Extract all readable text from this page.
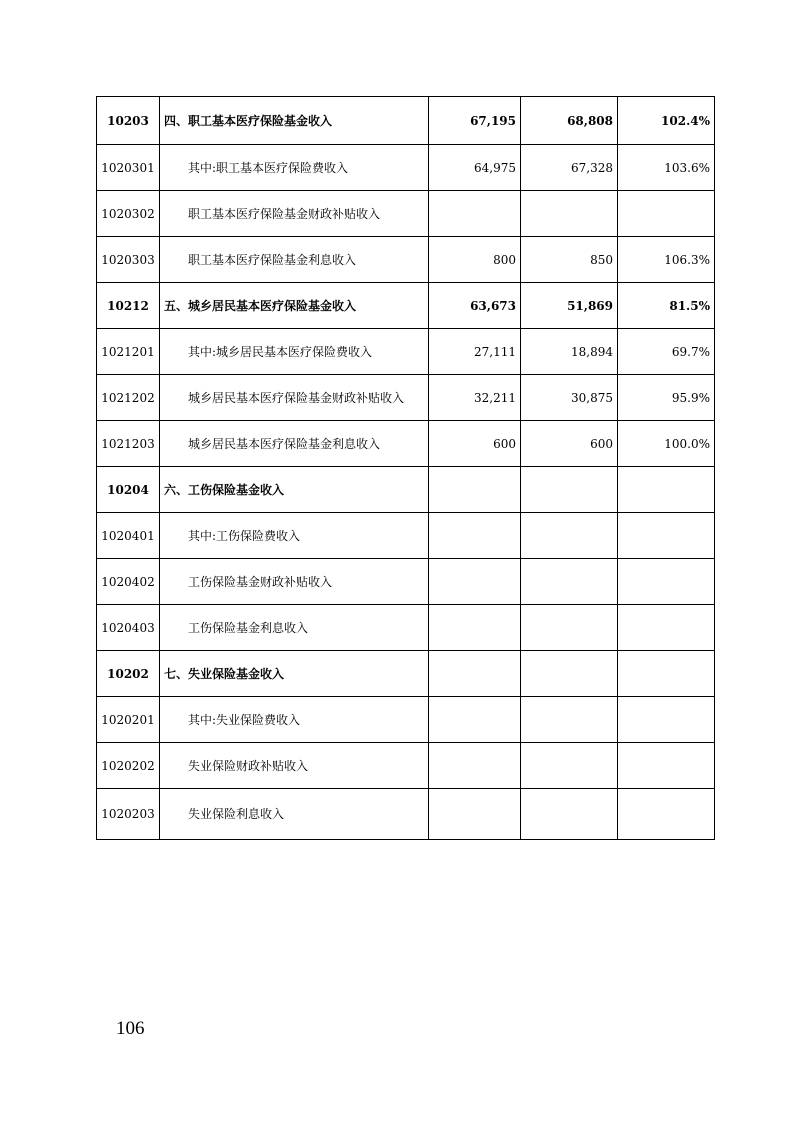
10203	四、职工基本医疗保险基金收入	67,195	68,808	102.4%
1020301	其中:职工基本医疗保险费收入	64,975	67,328	103.6%
1020302	职工基本医疗保险基金财政补贴收入			
1020303	职工基本医疗保险基金利息收入	800	850	106.3%
10212	五、城乡居民基本医疗保险基金收入	63,673	51,869	81.5%
1021201	其中:城乡居民基本医疗保险费收入	27,111	18,894	69.7%
1021202	城乡居民基本医疗保险基金财政补贴收入	32,211	30,875	95.9%
1021203	城乡居民基本医疗保险基金利息收入	600	600	100.0%
10204	六、工伤保险基金收入			
1020401	其中:工伤保险费收入			
1020402	工伤保险基金财政补贴收入			
1020403	工伤保险基金利息收入			
10202	七、失业保险基金收入			
1020201	其中:失业保险费收入			
1020202	失业保险财政补贴收入			
1020203	失业保险利息收入			
106
